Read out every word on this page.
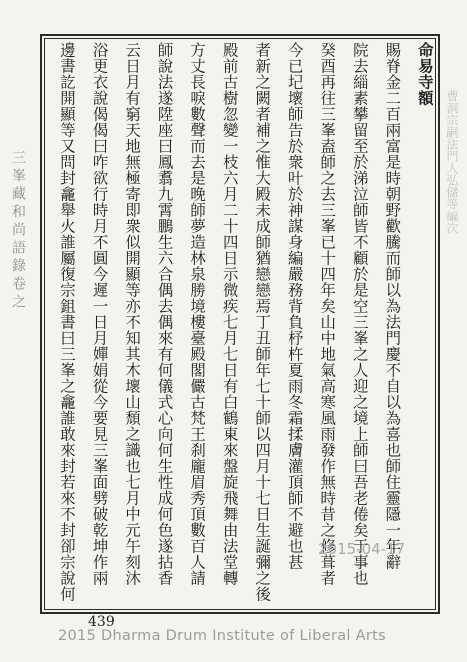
命易寺額
賜脊金二百兩富是時朝野歡騰而師以為法門慶不自以為喜也師住靈隱一年辭
院去緇素攀留至於涕泣師皆不顧於是空三峯之人迎之境上師曰吾老倦矣于事也
癸酉再往三峯盍師之去三峯已十四年矣山中地氣高寒風雨發作無時昔之修葺者
今已圮壞師告於衆叶於神謀身編嚴務背負杼杵夏雨冬霜揉膚灌頂師不避也甚
者新之闕者補之惟大殿未成師猶戀戀焉丁丑師年七十師以四月十七日生誕彌之後
殿前古樹忽變一枝六月二十四日示微疾七月七日有白鶴東來盤旋飛舞由法堂轉
方丈長唳數聲而去是晚師夢造林泉勝境樓臺殿閣儼古梵王刹龐眉秀頂數百人請
師說法遂陞座曰鳳翥九霄鵬生六合偶去偶來有何儀式心向何生性成何色遂拈香
云日月有窮天地無極寄即衆似開顯等亦不知其木壞山頹之識也七月中元午刻沐
浴更衣說偈偈曰咋欲行時月不圓今遲一日月嬋娟從今要見三峯面劈破乾坤作兩
邊書訖開顯等又問封龕舉火誰屬復宗鉏書曰三峯之龕誰敢來封若來不封卻宗說何
三峯藏和尚語錄卷之	曹洞宗嗣法門人弘儲等編次
2015-04-17
439
2015 Dharma Drum Institute of Liberal Arts
